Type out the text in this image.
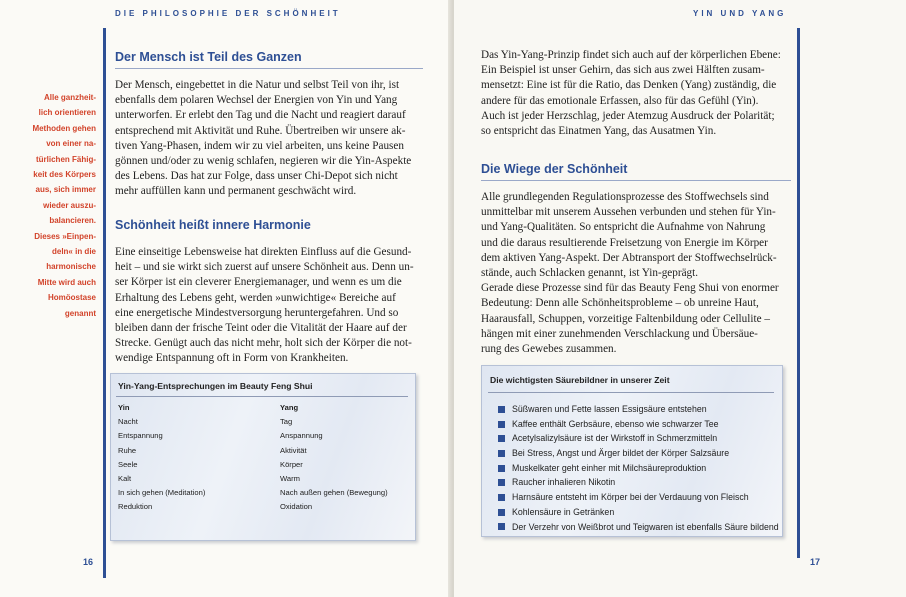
DIE PHILOSOPHIE DER SCHÖNHEIT
Alle ganzheit-
lich orientieren
Methoden gehen
von einer na-
türlichen Fähig-
keit des Körpers
aus, sich immer
wieder auszu-
balancieren.
Dieses »Einpen-
deln« in die
harmonische
Mitte wird auch
Homöostase
genannt
Der Mensch ist Teil des Ganzen

Der Mensch, eingebettet in die Natur und selbst Teil von ihr, ist

ebenfalls dem polaren Wechsel der Energien von Yin und Yang

unterworfen. Er erlebt den Tag und die Nacht und reagiert darauf

entsprechend mit Aktivität und Ruhe. Übertreiben wir unsere ak-

tiven Yang-Phasen, indem wir zu viel arbeiten, uns keine Pausen

gönnen und/oder zu wenig schlafen, negieren wir die Yin-Aspekte

des Lebens. Das hat zur Folge, dass unser Chi-Depot sich nicht

mehr auffüllen kann und permanent geschwächt wird.

Schönheit heißt innere Harmonie

Eine einseitige Lebensweise hat direkten Einfluss auf die Gesund-

heit – und sie wirkt sich zuerst auf unsere Schönheit aus. Denn un-

ser Körper ist ein cleverer Energiemanager, und wenn es um die

Erhaltung des Lebens geht, werden »unwichtige« Bereiche auf

eine energetische Mindestversorgung heruntergefahren. Und so

bleiben dann der frische Teint oder die Vitalität der Haare auf der

Strecke. Genügt auch das nicht mehr, holt sich der Körper die not-

wendige Entspannung oft in Form von Krankheiten.

Yin-Yang-Entsprechungen im Beauty Feng Shui
Yin
Nacht
Entspannung
Ruhe
Seele
Kalt
In sich gehen (Meditation)
Reduktion
Yang
Tag
Anspannung
Aktivität
Körper
Warm
Nach außen gehen (Bewegung)
Oxidation
16
YIN UND YANG

Das Yin-Yang-Prinzip findet sich auch auf der körperlichen Ebene:

Ein Beispiel ist unser Gehirn, das sich aus zwei Hälften zusam-

mensetzt: Eine ist für die Ratio, das Denken (Yang) zuständig, die

andere für das emotionale Erfassen, also für das Gefühl (Yin).

Auch ist jeder Herzschlag, jeder Atemzug Ausdruck der Polarität;

so entspricht das Einatmen Yang, das Ausatmen Yin.

Die Wiege der Schönheit

Alle grundlegenden Regulationsprozesse des Stoffwechsels sind

unmittelbar mit unserem Aussehen verbunden und stehen für Yin-

und Yang-Qualitäten. So entspricht die Aufnahme von Nahrung

und die daraus resultierende Freisetzung von Energie im Körper

dem aktiven Yang-Aspekt. Der Abtransport der Stoffwechselrück-

stände, auch Schlacken genannt, ist Yin-geprägt.

Gerade diese Prozesse sind für das Beauty Feng Shui von enormer

Bedeutung: Denn alle Schönheitsprobleme – ob unreine Haut,

Haarausfall, Schuppen, vorzeitige Faltenbildung oder Cellulite –

hängen mit einer zunehmenden Verschlackung und Übersäue-

rung des Gewebes zusammen.

Die wichtigsten Säurebildner in unserer Zeit
Süßwaren und Fette lassen Essigsäure entstehen
Kaffee enthält Gerbsäure, ebenso wie schwarzer Tee
Acetylsalizylsäure ist der Wirkstoff in Schmerzmitteln
Bei Stress, Angst und Ärger bildet der Körper Salzsäure
Muskelkater geht einher mit Milchsäureproduktion
Raucher inhalieren Nikotin
Harnsäure entsteht im Körper bei der Verdauung von Fleisch
Kohlensäure in Getränken
Der Verzehr von Weißbrot und Teigwaren ist ebenfalls Säure bildend
17
